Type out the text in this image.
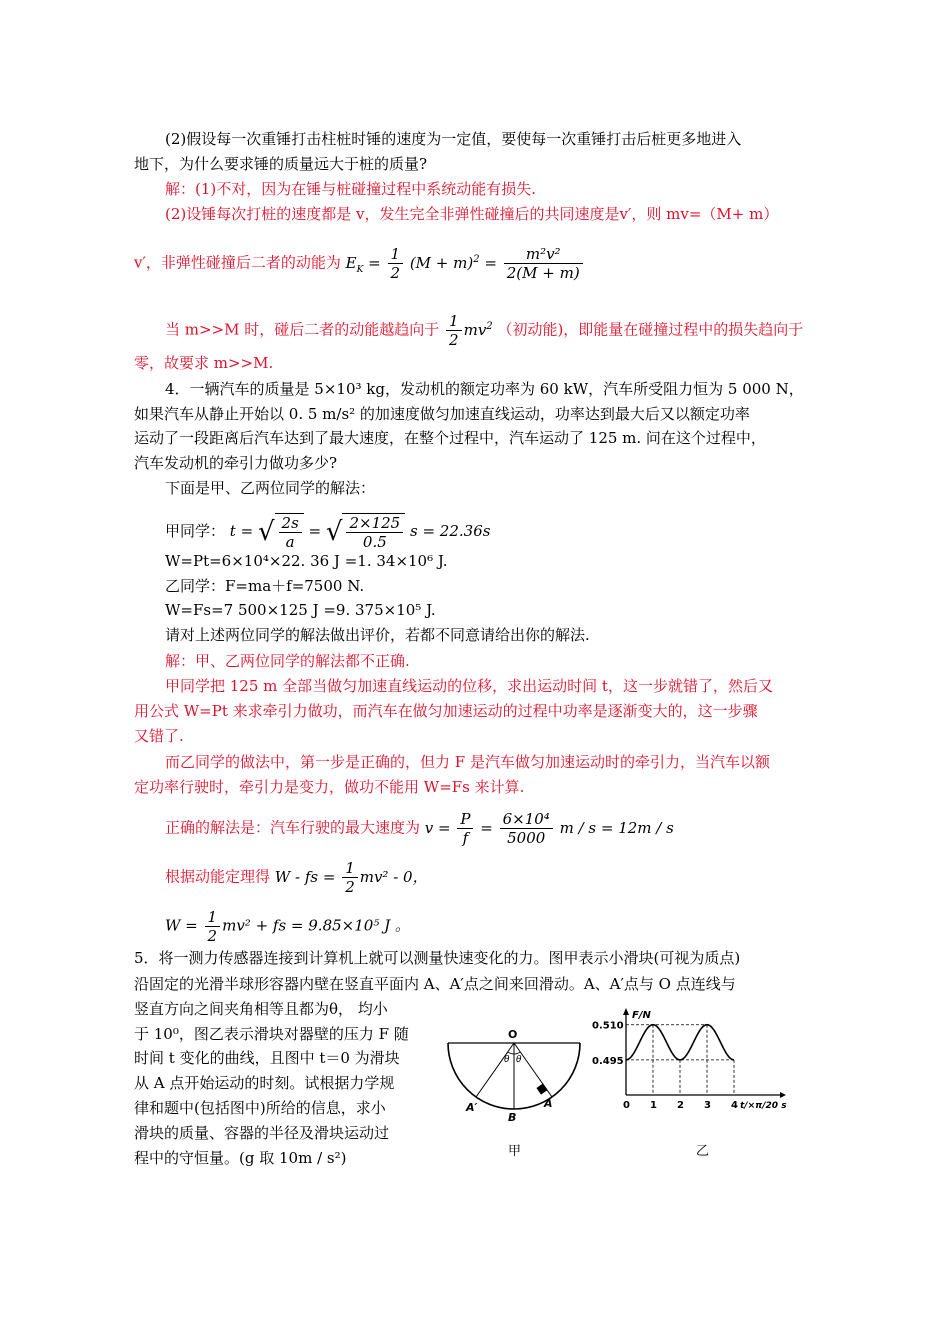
(2)假设每一次重锤打击柱桩时锤的速度为一定值，要使每一次重锤打击后桩更多地进入
地下，为什么要求锤的质量远大于桩的质量?
解：(1)不对，因为在锤与桩碰撞过程中系统动能有损失.
(2)设锤每次打桩的速度都是 v，发生完全非弹性碰撞后的共同速度是v′，则 mv=（M+ m）
v′，非弹性碰撞后二者的动能为 $E_K = \frac{1}{2} (M + m)^2 = \frac{\text{m²v²}}{2(M + m)}$
当 m>>M 时，碰后二者的动能越趋向于 $\frac{1}{2} mv^2$ （初动能)，即能量在碰撞过程中的损失趋向于
零，故要求 m>>M.
4．一辆汽车的质量是 5×10³ kg，发动机的额定功率为 60 kW，汽车所受阻力恒为 5 000 N，
如果汽车从静止开始以 0. 5 m/s² 的加速度做匀加速直线运动，功率达到最大后又以额定功率
运动了一段距离后汽车达到了最大速度，在整个过程中，汽车运动了 125 m. 问在这个过程中，
汽车发动机的牵引力做功多少?
下面是甲、乙两位同学的解法：
甲同学： t = √ $\frac{2s}{a}$ = √ $\frac{2\times 125}{0.5}$ s = 22.36s
W=Pt=6×10⁴×22. 36 J =1. 34×10⁶ J.
乙同学：F=ma＋f=7500 N.
W=Fs=7 500×125 J =9. 375×10⁵ J.
请对上述两位同学的解法做出评价，若都不同意请给出你的解法.
解：甲、乙两位同学的解法都不正确.
甲同学把 125 m 全部当做匀加速直线运动的位移，求出运动时间 t，这一步就错了，然后又
用公式 W=Pt 来求牵引力做功，而汽车在做匀加速运动的过程中功率是逐渐变大的，这一步骤
又错了.
而乙同学的做法中，第一步是正确的，但力 F 是汽车做匀加速运动时的牵引力，当汽车以额
定功率行驶时，牵引力是变力，做功不能用 W=Fs 来计算.
正确的解法是：汽车行驶的最大速度为 $v = \frac{P}{f} = \frac{\text{6×10⁴}}{5000}$ m / s = 12m / s
根据动能定理得 W - fs = $\frac{1}{2} mv^2 - 0$，
$W = \frac{1}{2} mv^2$ + fs = 9.85×10⁵ J 。
5．将一测力传感器连接到计算机上就可以测量快速变化的力。图甲表示小滑块(可视为质点)
沿固定的光滑半球形容器内壁在竖直平面内 A、A′点之间来回滑动。A、A′点与 O 点连线与
竖直方向之间夹角相等且都为θ， 均小
于 10⁰，图乙表示滑块对器壁的压力 F 随
时间 t 变化的曲线，且图中 t＝0 为滑块
从 A 点开始运动的时刻。试根据力学规
律和题中(包括图中)所给的信息，求小
滑块的质量、容器的半径及滑块运动过
程中的守恒量。(g 取 10m / s²)
O
θ θ
A′	A
B
甲
F/N
0.510
0.495
0 1 2 3 4 t/×π/20 s
乙
